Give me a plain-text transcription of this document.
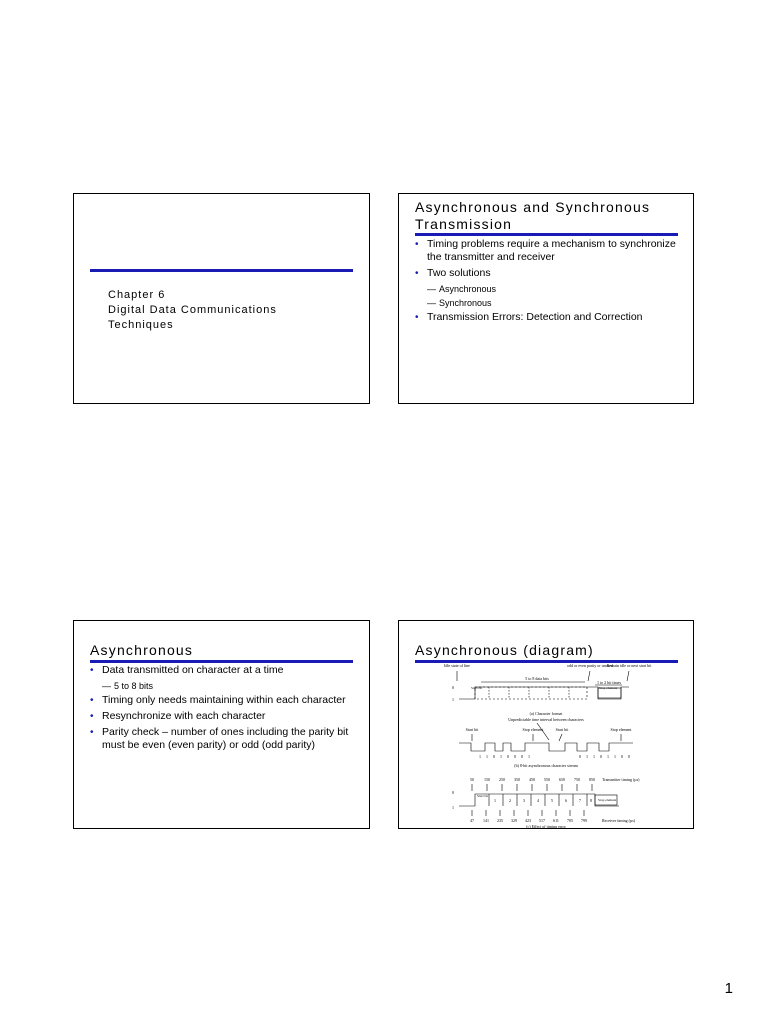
Chapter 6
Digital Data Communications
Techniques
Asynchronous and Synchronous
Transmission
• Timing problems require a mechanism to synchronize the transmitter and receiver
• Two solutions
— Asynchronous
— Synchronous
• Transmission Errors: Detection and Correction
Asynchronous
• Data transmitted on character at a time
— 5 to 8 bits
• Timing only needs maintaining within each character
• Resynchronize with each character
• Parity check – number of ones including the parity bit must be even (even parity) or odd (odd parity)
Asynchronous (diagram)
Idle state of line	odd or even parity or unused
Remain idle or next start bit
5 to 8 data bits
1 to 2 bit times
0
1
Start bit	Stop element
(a) Character format
Unpredictable time interval between characters
Start bit	Stop element	Start bit	Stop element
1 1 0 1 0 0 0 1	0 1 1 0 1 1 0 0
(b) 8-bit asynchronous character stream
50	150 250 350 450 550 650 750 850 Transmitter timing (µs)
0
1
Start bit
1	2	3	4	5	6	7 8 Stop element
47 141 235 329 423 517 611 705 799	Receiver timing (µs)
(c) Effect of timing error
1
